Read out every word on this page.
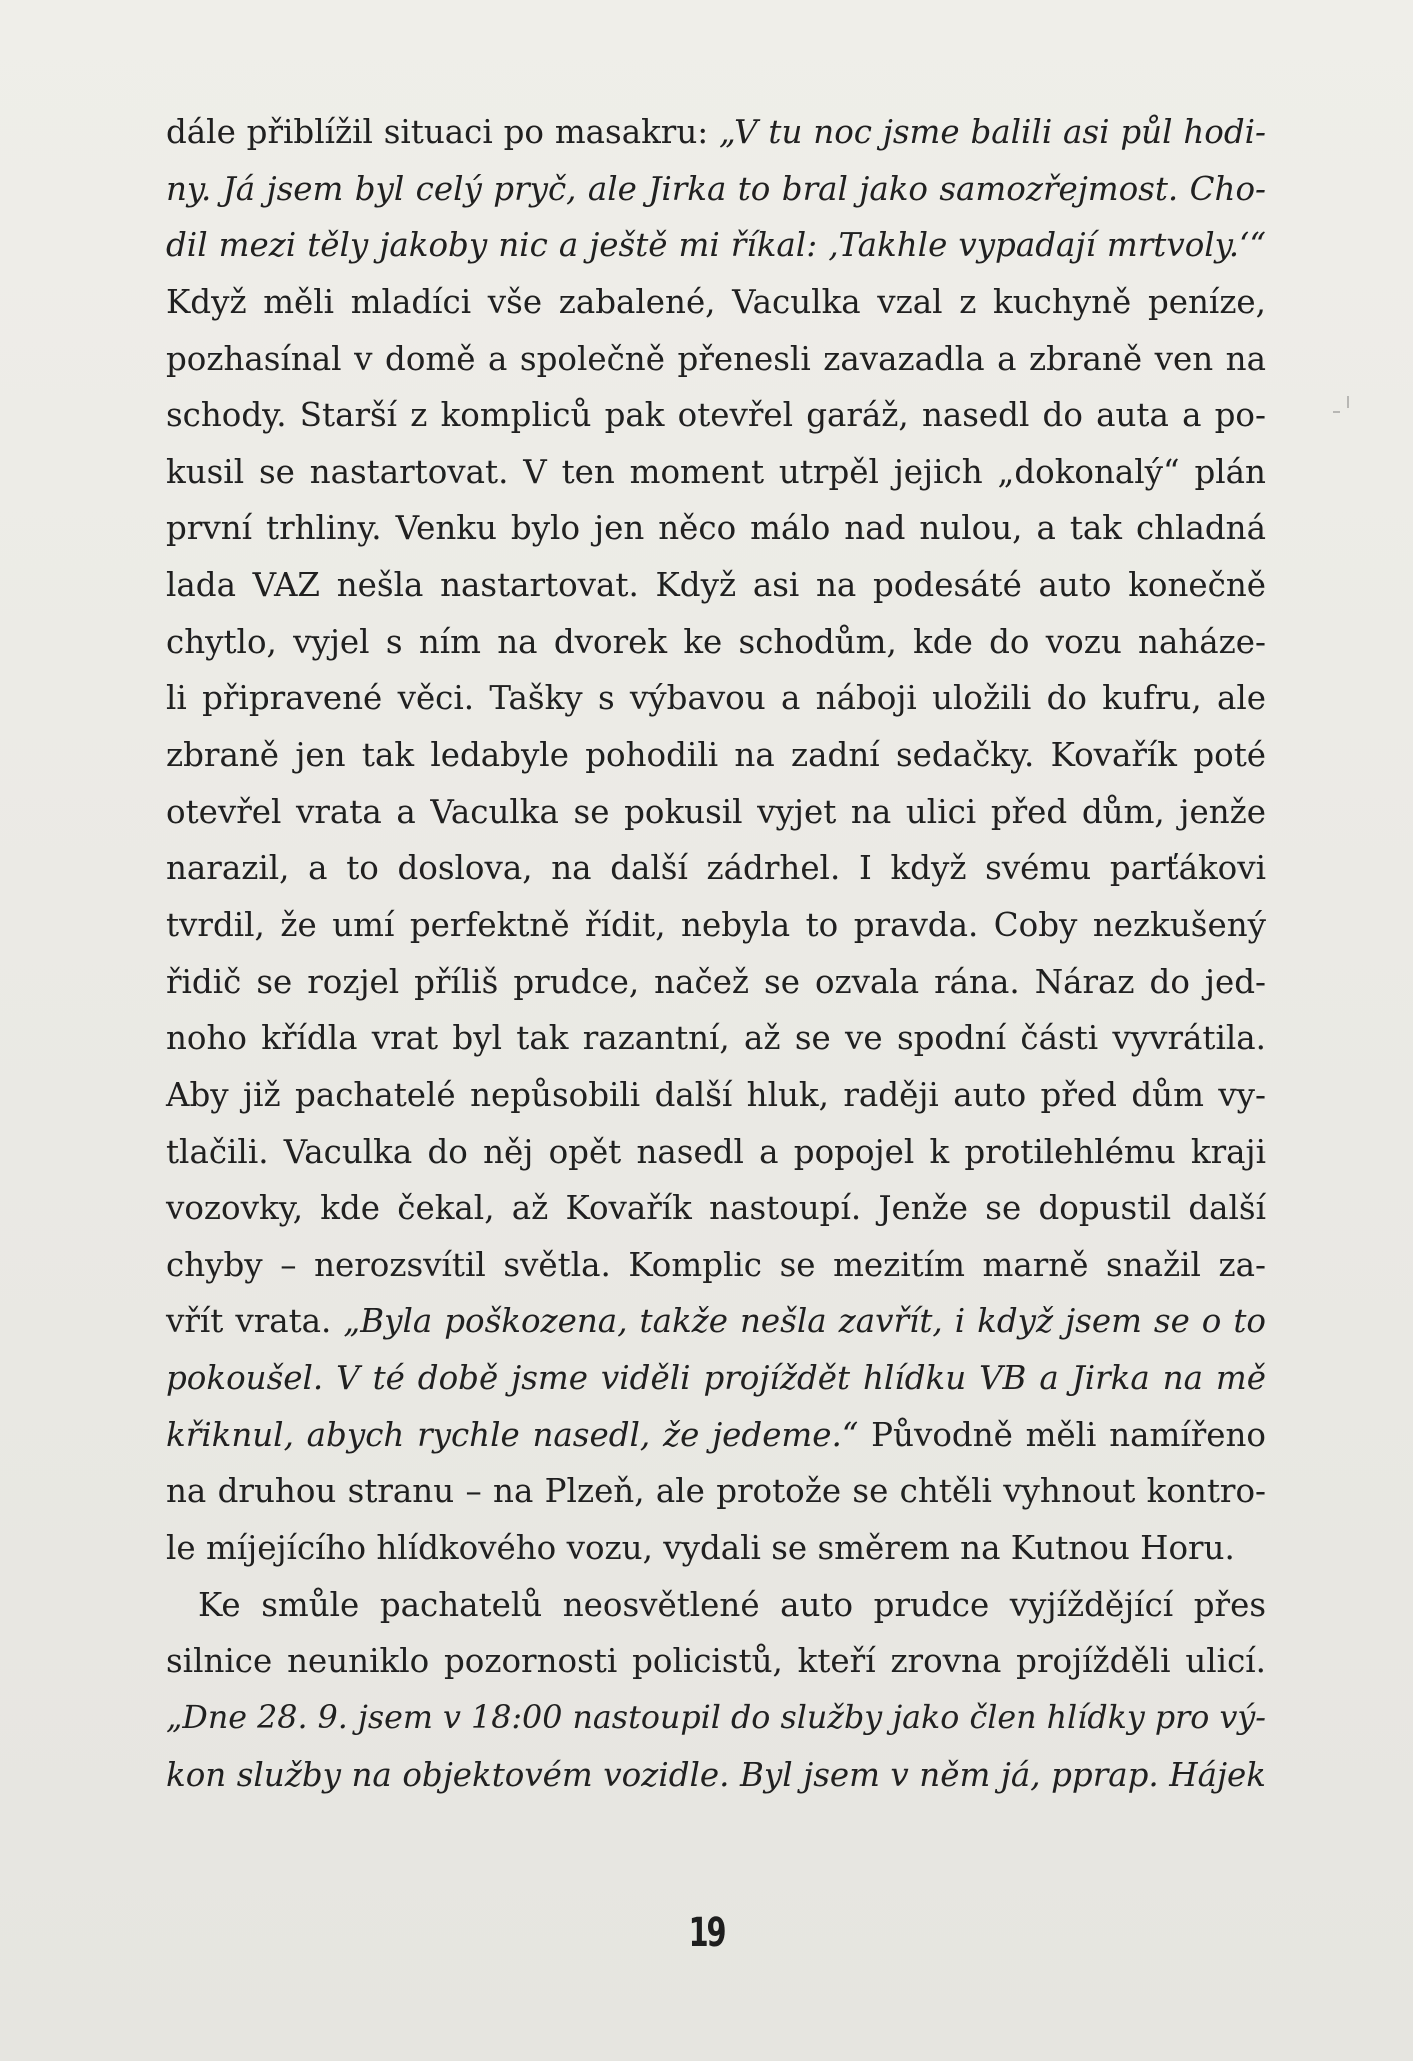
dále přiblížil situaci po masakru: „V tu noc jsme balili asi půl hodi-
ny. Já jsem byl celý pryč, ale Jirka to bral jako samozřejmost. Cho-
dil mezi těly jakoby nic a ještě mi říkal: ‚Takhle vypadají mrtvoly.‘“
Když měli mladíci vše zabalené, Vaculka vzal z kuchyně peníze,
pozhasínal v domě a společně přenesli zavazadla a zbraně ven na
schody. Starší z kompliců pak otevřel garáž, nasedl do auta a po-
kusil se nastartovat. V ten moment utrpěl jejich „dokonalý“ plán
první trhliny. Venku bylo jen něco málo nad nulou, a tak chladná
lada VAZ nešla nastartovat. Když asi na podesáté auto konečně
chytlo, vyjel s ním na dvorek ke schodům, kde do vozu naháze-
li připravené věci. Tašky s výbavou a náboji uložili do kufru, ale
zbraně jen tak ledabyle pohodili na zadní sedačky. Kovařík poté
otevřel vrata a Vaculka se pokusil vyjet na ulici před dům, jenže
narazil, a to doslova, na další zádrhel. I když svému parťákovi
tvrdil, že umí perfektně řídit, nebyla to pravda. Coby nezkušený
řidič se rozjel příliš prudce, načež se ozvala rána. Náraz do jed-
noho křídla vrat byl tak razantní, až se ve spodní části vyvrátila.
Aby již pachatelé nepůsobili další hluk, raději auto před dům vy-
tlačili. Vaculka do něj opět nasedl a popojel k protilehlému kraji
vozovky, kde čekal, až Kovařík nastoupí. Jenže se dopustil další
chyby – nerozsvítil světla. Komplic se mezitím marně snažil za-
vřít vrata. „Byla poškozena, takže nešla zavřít, i když jsem se o to
pokoušel. V té době jsme viděli projíždět hlídku VB a Jirka na mě
křiknul, abych rychle nasedl, že jedeme.“ Původně měli namířeno
na druhou stranu – na Plzeň, ale protože se chtěli vyhnout kontro-
le míjejícího hlídkového vozu, vydali se směrem na Kutnou Horu.
Ke smůle pachatelů neosvětlené auto prudce vyjíždějící přes
silnice neuniklo pozornosti policistů, kteří zrovna projížděli ulicí.
„Dne 28. 9. jsem v 18:00 nastoupil do služby jako člen hlídky pro vý-
kon služby na objektovém vozidle. Byl jsem v něm já, pprap. Hájek
19
